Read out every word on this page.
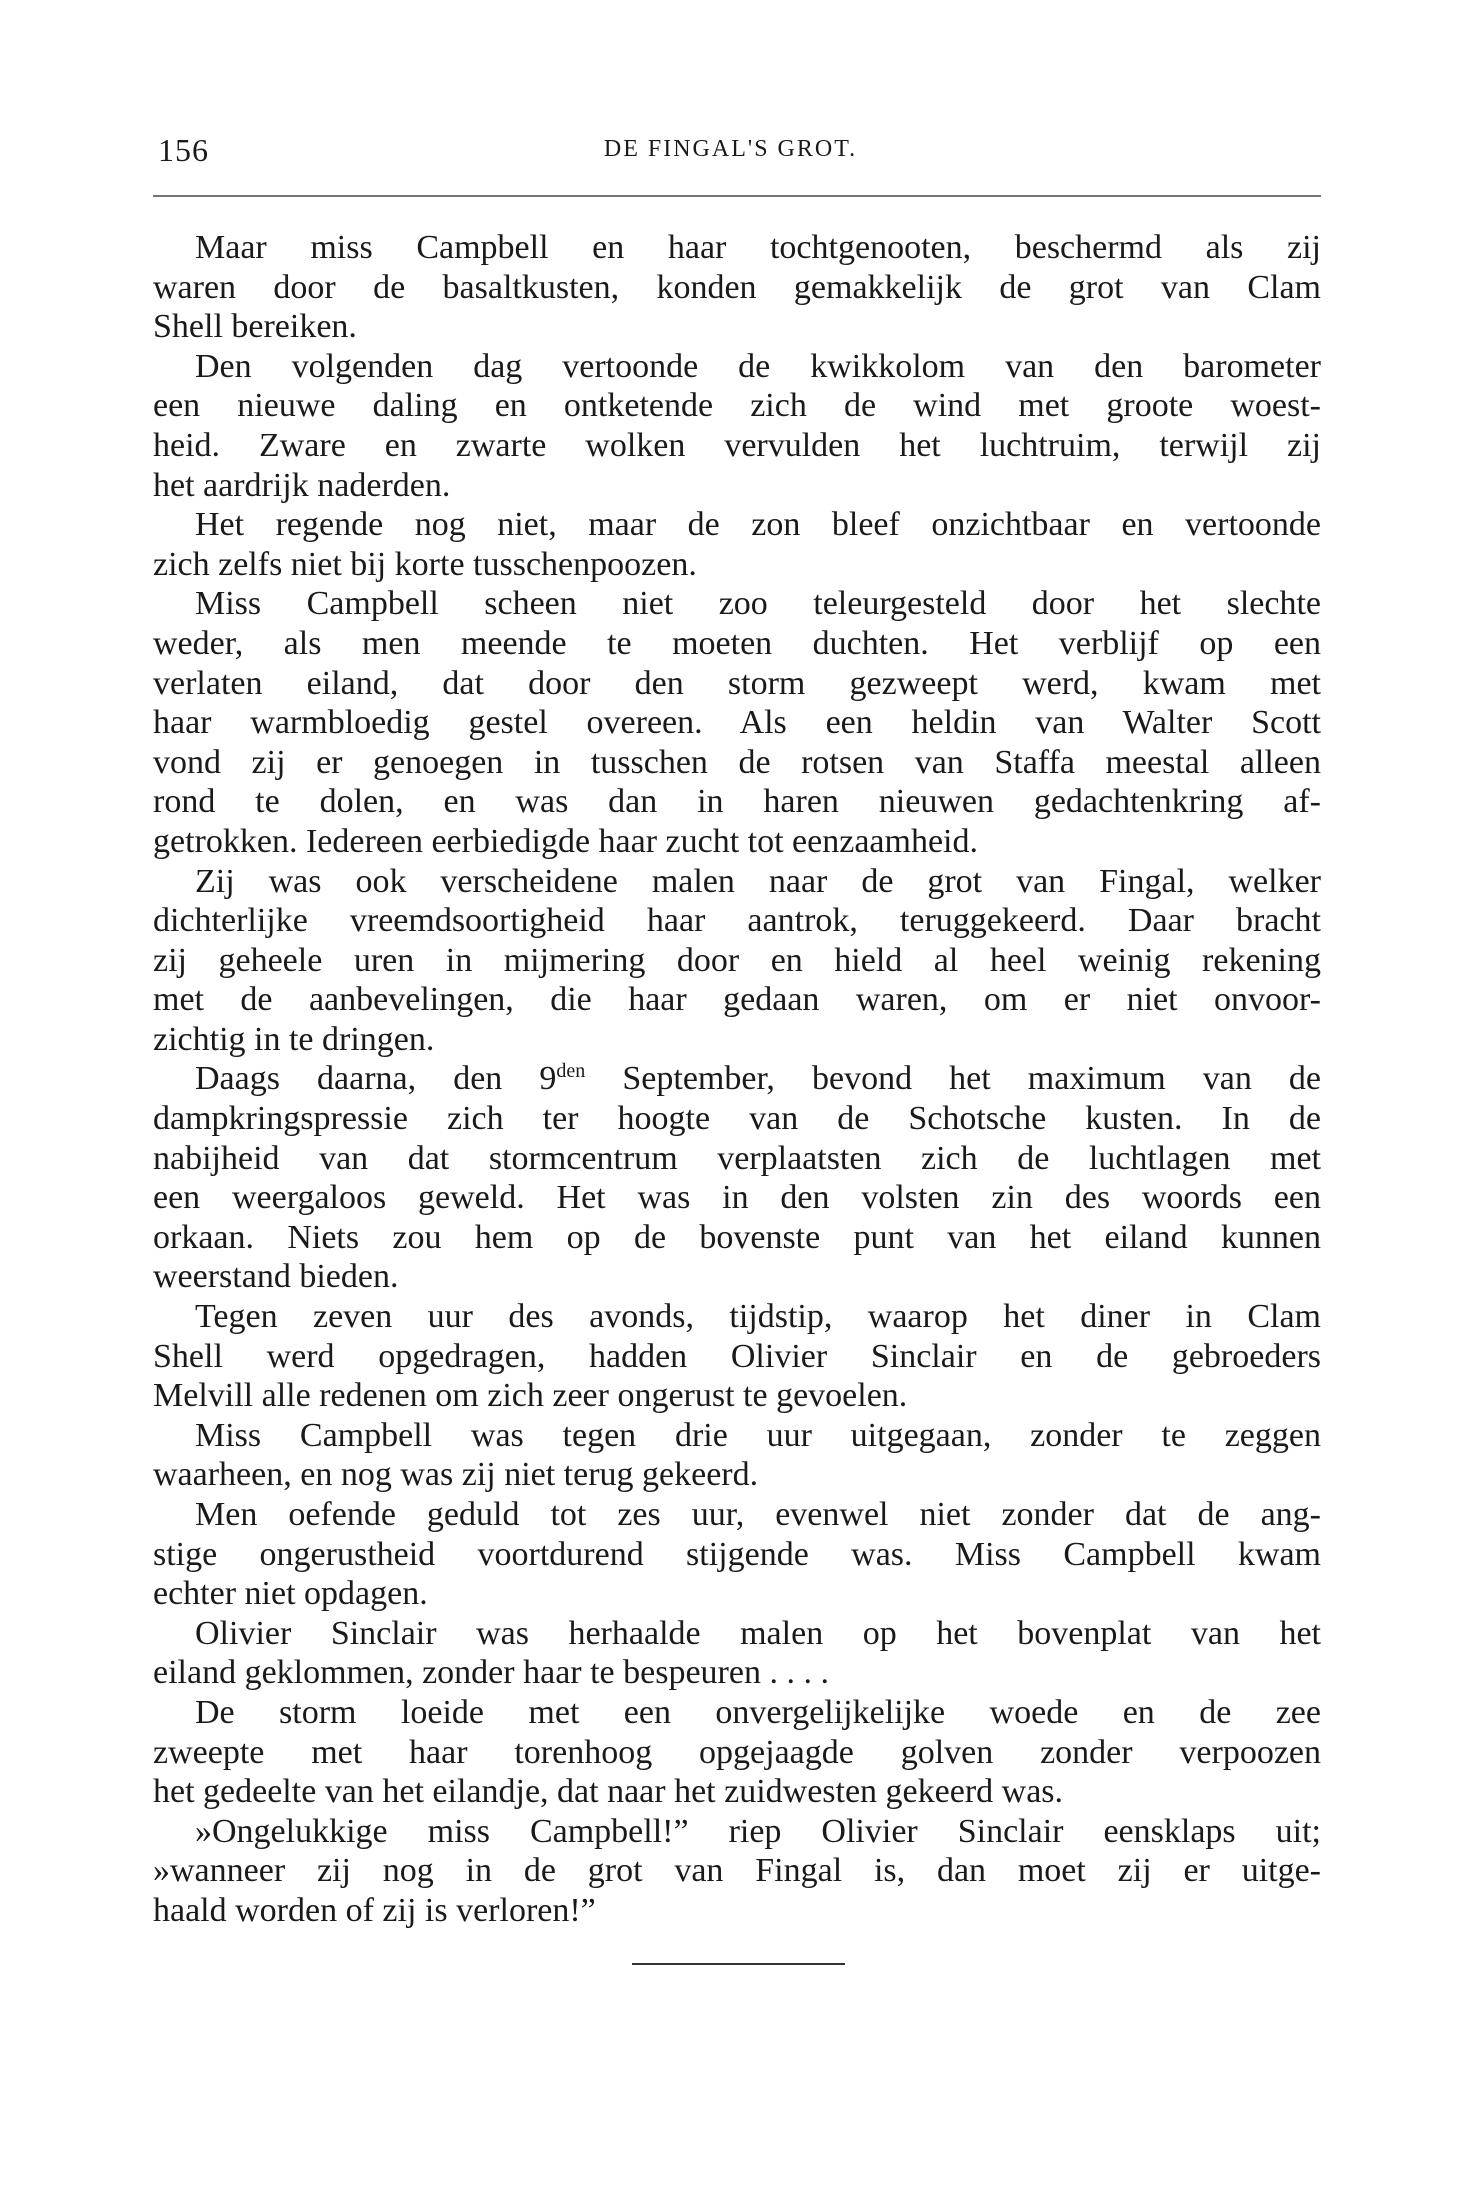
156	DE FINGAL'S GROT.
Maar miss Campbell en haar tochtgenooten, beschermd als zij
waren door de basaltkusten, konden gemakkelijk de grot van Clam
Shell bereiken.
Den volgenden dag vertoonde de kwikkolom van den barometer
een nieuwe daling en ontketende zich de wind met groote woest-
heid. Zware en zwarte wolken vervulden het luchtruim, terwijl zij
het aardrijk naderden.
Het regende nog niet, maar de zon bleef onzichtbaar en vertoonde
zich zelfs niet bij korte tusschenpoozen.
Miss Campbell scheen niet zoo teleurgesteld door het slechte
weder, als men meende te moeten duchten. Het verblijf op een
verlaten eiland, dat door den storm gezweept werd, kwam met
haar warmbloedig gestel overeen. Als een heldin van Walter Scott
vond zij er genoegen in tusschen de rotsen van Staffa meestal alleen
rond te dolen, en was dan in haren nieuwen gedachtenkring af-
getrokken. Iedereen eerbiedigde haar zucht tot eenzaamheid.
Zij was ook verscheidene malen naar de grot van Fingal, welker
dichterlijke vreemdsoortigheid haar aantrok, teruggekeerd. Daar bracht
zij geheele uren in mijmering door en hield al heel weinig rekening
met de aanbevelingen, die haar gedaan waren, om er niet onvoor-
zichtig in te dringen.
Daags daarna, den $9^{den}$ September, bevond het maximum van de
dampkringspressie zich ter hoogte van de Schotsche kusten. In de
nabijheid van dat stormcentrum verplaatsten zich de luchtlagen met
een weergaloos geweld. Het was in den volsten zin des woords een
orkaan. Niets zou hem op de bovenste punt van het eiland kunnen
weerstand bieden.
Tegen zeven uur des avonds, tijdstip, waarop het diner in Clam
Shell werd opgedragen, hadden Olivier Sinclair en de gebroeders
Melvill alle redenen om zich zeer ongerust te gevoelen.
Miss Campbell was tegen drie uur uitgegaan, zonder te zeggen
waarheen, en nog was zij niet terug gekeerd.
Men oefende geduld tot zes uur, evenwel niet zonder dat de ang-
stige ongerustheid voortdurend stijgende was. Miss Campbell kwam
echter niet opdagen.
Olivier Sinclair was herhaalde malen op het bovenplat van het
eiland geklommen, zonder haar te bespeuren . . . .
De storm loeide met een onvergelijkelijke woede en de zee
zweepte met haar torenhoog opgejaagde golven zonder verpoozen
het gedeelte van het eilandje, dat naar het zuidwesten gekeerd was.
»Ongelukkige miss Campbell!” riep Olivier Sinclair eensklaps uit;
»wanneer zij nog in de grot van Fingal is, dan moet zij er uitge-
haald worden of zij is verloren!”
